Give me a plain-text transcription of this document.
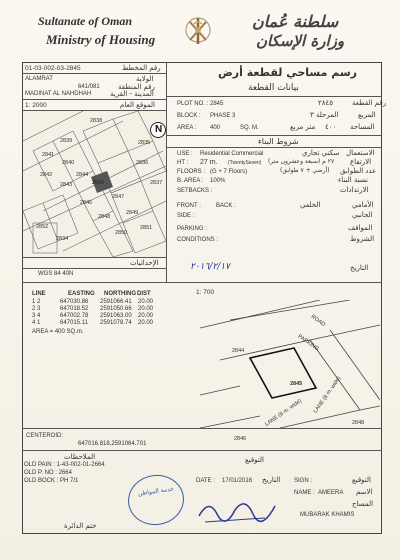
Sultanate of Oman
Ministry of Housing
سلطنة عُمان
وزارة الإسكان
01-03-002-03-2845	رقم المخطط
ALAMRAT	الولاية
641/081	رقم المنطقة
MADINAT AL NAHDHAH	المدينة - القرية
1: 2000	الموقع العام
2838
2839
2840
2841
2842
2843
2844
2845
2846
2847
2848
2849
2850
2851
2852
2834
2835
2836
2837
N
الإحداثيات
WGS 84 40N
رسم مساحي لقطعة أرض
بيانات القطعة
PLOT NO. : 2845	٢٨٤٥	رقم القطعة
BLOCK : PHASE 3	المرحلة ٣	المربع
AREA : 400	SQ. M.	متر مربع ٤٠٠ المساحة
شروط البناء
USE : Residential Commercial	سكني تجاري الاستعمال
HT : 27 m. (TwentySeven) ٢٧ م (سبعة وعشرون متر) الارتفاع
FLOORS : (G + 7 Floors)	(أرضي + ٧ طوابق) عدد الطوابق
B. AREA : 100%	نسبة البناء
SETBACKS :	الارتدادات
FRONT :	BACK :	الخلفي	الأمامي
SIDE :	الجانبي
PARKING :	المواقف
CONDITIONS :	الشروط
٢٠١٦/٢/١٧	التاريخ
LINE	EASTING NORTHING DIST
1 2	647030.86 2591066.41 20.00
2 3	647018.52 2591050.66 20.00
3 4	647002.78 2591063.00 20.00
4 1	647015.11 2591078.74 20.00
AREA = 400 SQ.m.
CENTEROID:
647016.818,2591064.701
1: 700
2844
2845
2846
2848
ROAD
PARKING
LANE (8 m. wide) LANE (8 m. wide)
الملاحظات
OLD PAIN : 1-43-002-01-2664
OLD P. NO : 2664
OLD BOCK : PH 7/1
خدمة المواطن
التوقيع
DATE : 17/01/2016 التاريخ SIGN :	التوقيع
NAME : AMEERA الاسم
المساح
MUBARAK KHAMIS
ختم الدائرة
